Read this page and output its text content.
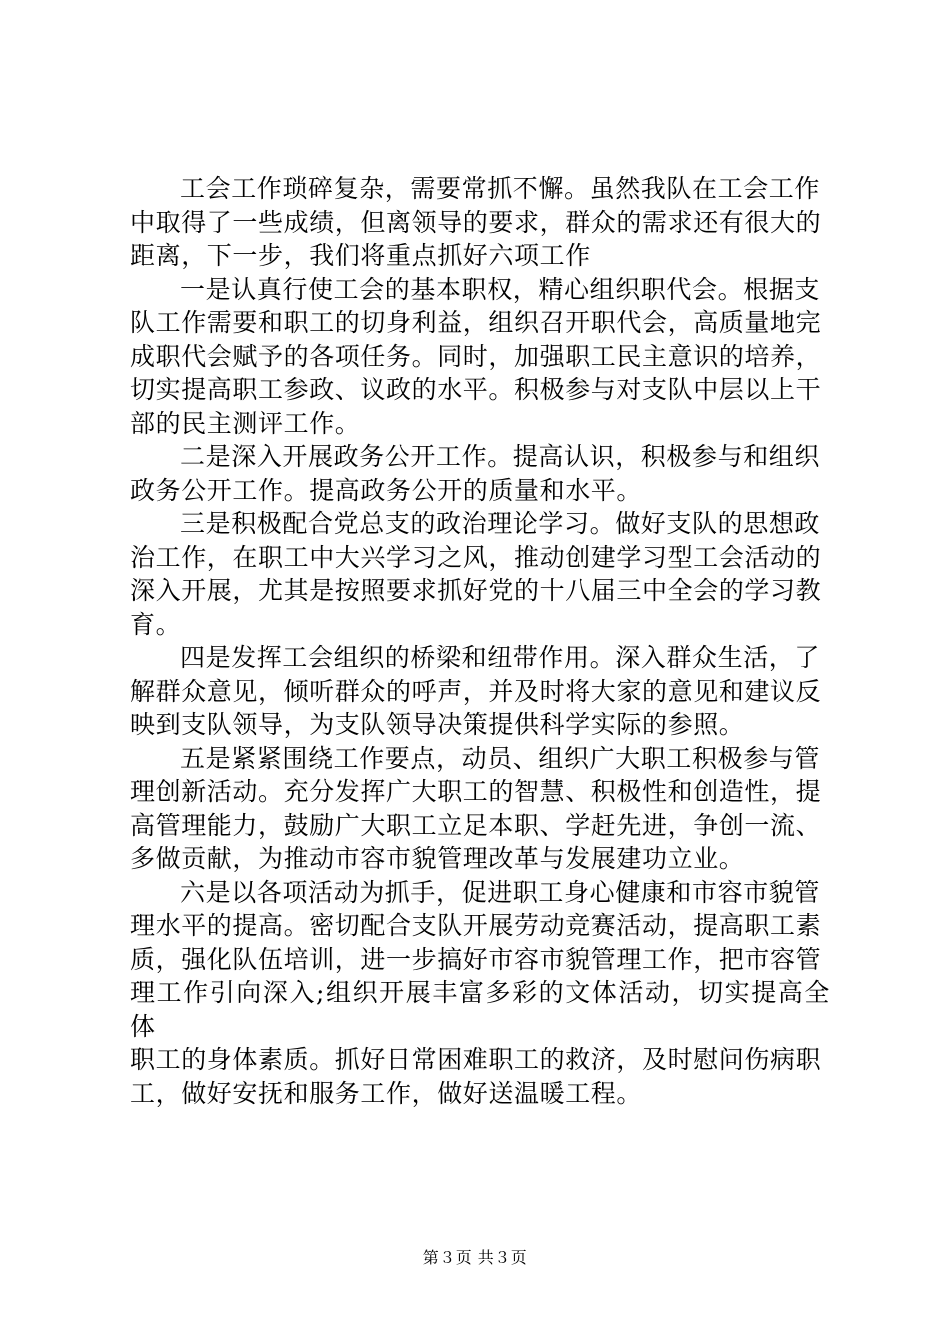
工会工作琐碎复杂，需要常抓不懈。虽然我队在工会工作
中取得了一些成绩，但离领导的要求，群众的需求还有很大的
距离，下一步，我们将重点抓好六项工作

一是认真行使工会的基本职权，精心组织职代会。根据支
队工作需要和职工的切身利益，组织召开职代会，高质量地完
成职代会赋予的各项任务。同时，加强职工民主意识的培养，
切实提高职工参政、议政的水平。积极参与对支队中层以上干
部的民主测评工作。

二是深入开展政务公开工作。提高认识，积极参与和组织
政务公开工作。提高政务公开的质量和水平。

三是积极配合党总支的政治理论学习。做好支队的思想政
治工作，在职工中大兴学习之风，推动创建学习型工会活动的
深入开展，尤其是按照要求抓好党的十八届三中全会的学习教
育。

四是发挥工会组织的桥梁和纽带作用。深入群众生活，了
解群众意见，倾听群众的呼声，并及时将大家的意见和建议反
映到支队领导，为支队领导决策提供科学实际的参照。

五是紧紧围绕工作要点，动员、组织广大职工积极参与管
理创新活动。充分发挥广大职工的智慧、积极性和创造性，提
高管理能力，鼓励广大职工立足本职、学赶先进，争创一流、
多做贡献，为推动市容市貌管理改革与发展建功立业。

六是以各项活动为抓手，促进职工身心健康和市容市貌管
理水平的提高。密切配合支队开展劳动竞赛活动，提高职工素
质，强化队伍培训，进一步搞好市容市貌管理工作，把市容管
理工作引向深入;组织开展丰富多彩的文体活动，切实提高全体
职工的身体素质。抓好日常困难职工的救济，及时慰问伤病职
工，做好安抚和服务工作，做好送温暖工程。

第３页 共３页
